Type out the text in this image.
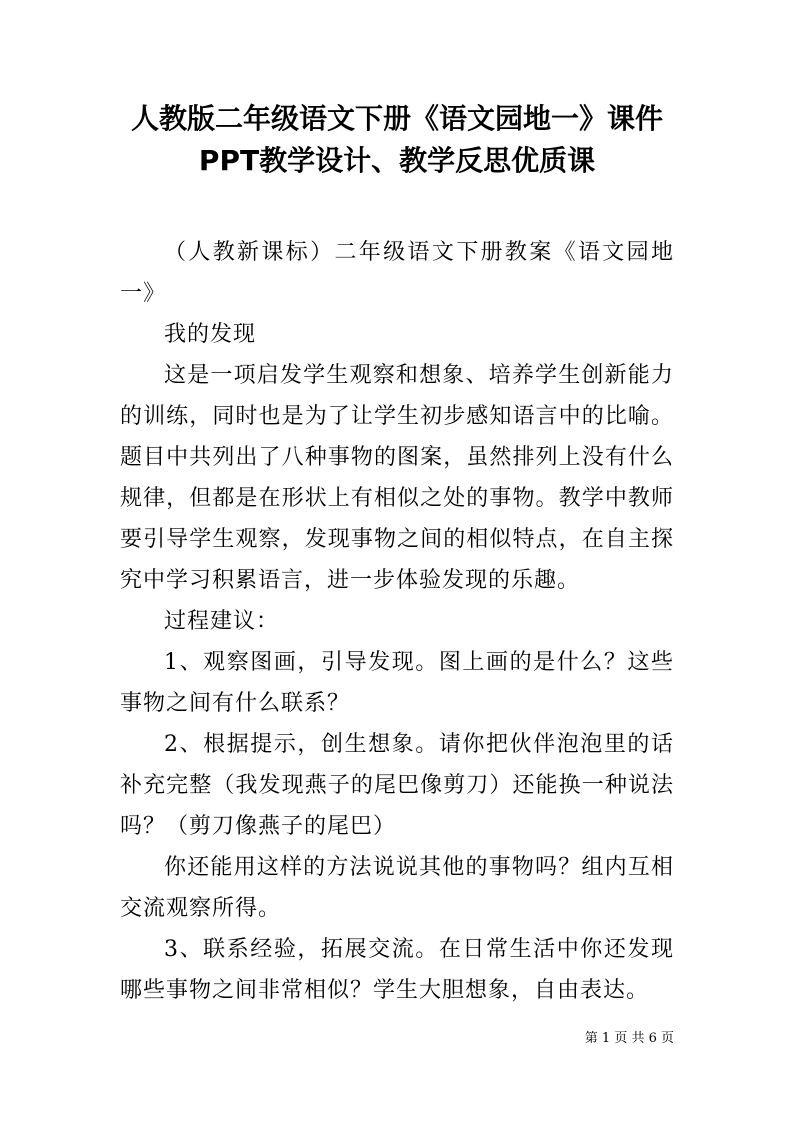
人教版二年级语文下册《语文园地一》课件
PPT教学设计、教学反思优质课

（人教新课标）二年级语文下册教案《语文园地一》

我的发现

这是一项启发学生观察和想象、培养学生创新能力的训练，同时也是为了让学生初步感知语言中的比喻。题目中共列出了八种事物的图案，虽然排列上没有什么规律，但都是在形状上有相似之处的事物。教学中教师要引导学生观察，发现事物之间的相似特点，在自主探究中学习积累语言，进一步体验发现的乐趣。

过程建议：

1、观察图画，引导发现。图上画的是什么？这些事物之间有什么联系？

2、根据提示，创生想象。请你把伙伴泡泡里的话补充完整（我发现燕子的尾巴像剪刀）还能换一种说法吗？（剪刀像燕子的尾巴）

你还能用这样的方法说说其他的事物吗？组内互相交流观察所得。

3、联系经验，拓展交流。在日常生活中你还发现哪些事物之间非常相似？学生大胆想象，自由表达。

第 1 页 共 6 页
